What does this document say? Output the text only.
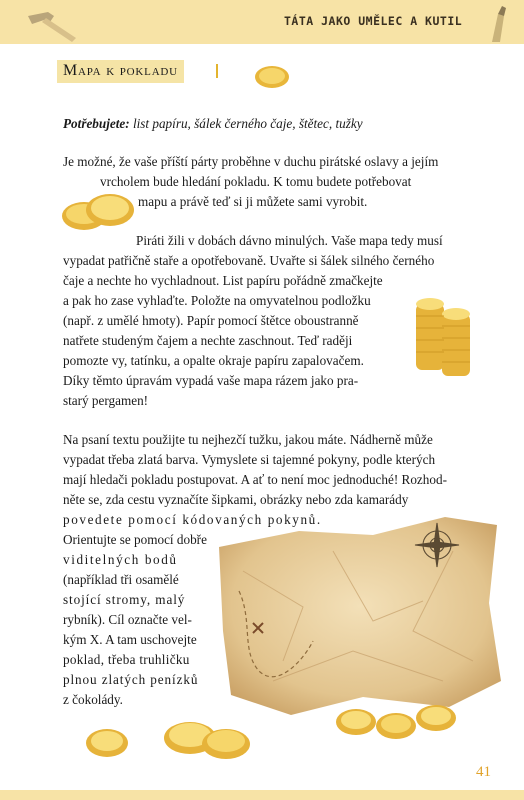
TÁTA JAKO UMĚLEC A KUTIL
Mapa k pokladu
Potřebujete: list papíru, šálek černého čaje, štětec, tužky
Je možné, že vaše příští párty proběhne v duchu pirátské oslavy a jejím
vrcholem bude hledání pokladu. K tomu budete potřebovat
mapu a právě teď si ji můžete sami vyrobit.
Piráti žili v dobách dávno minulých. Vaše mapa tedy musí
vypadat patřičně staře a opotřebovaně. Uvařte si šálek silného černého
čaje a nechte ho vychladnout. List papíru pořádně zmačkejte
a pak ho zase vyhlaďte. Položte na omyvatelnou podložku
(např. z umělé hmoty). Papír pomocí štětce oboustranně
natřete studeným čajem a nechte zaschnout. Teď raději
pomozte vy, tatínku, a opalte okraje papíru zapalovačem.
Díky těmto úpravám vypadá vaše mapa rázem jako pra-
starý pergamen!
Na psaní textu použijte tu nejhezčí tužku, jakou máte. Nádherně může
vypadat třeba zlatá barva. Vymyslete si tajemné pokyny, podle kterých
mají hledači pokladu postupovat. A ať to není moc jednoduché! Rozhod-
něte se, zda cestu vyznačíte šipkami, obrázky nebo zda kamarády
povedete pomocí kódovaných pokynů.
Orientujte se pomocí dobře
viditelných bodů
(například tři osamělé
stojící stromy, malý
rybník). Cíl označte vel-
kým X. A tam uschovejte
poklad, třeba truhličku
plnou zlatých penízků
z čokolády.
41
